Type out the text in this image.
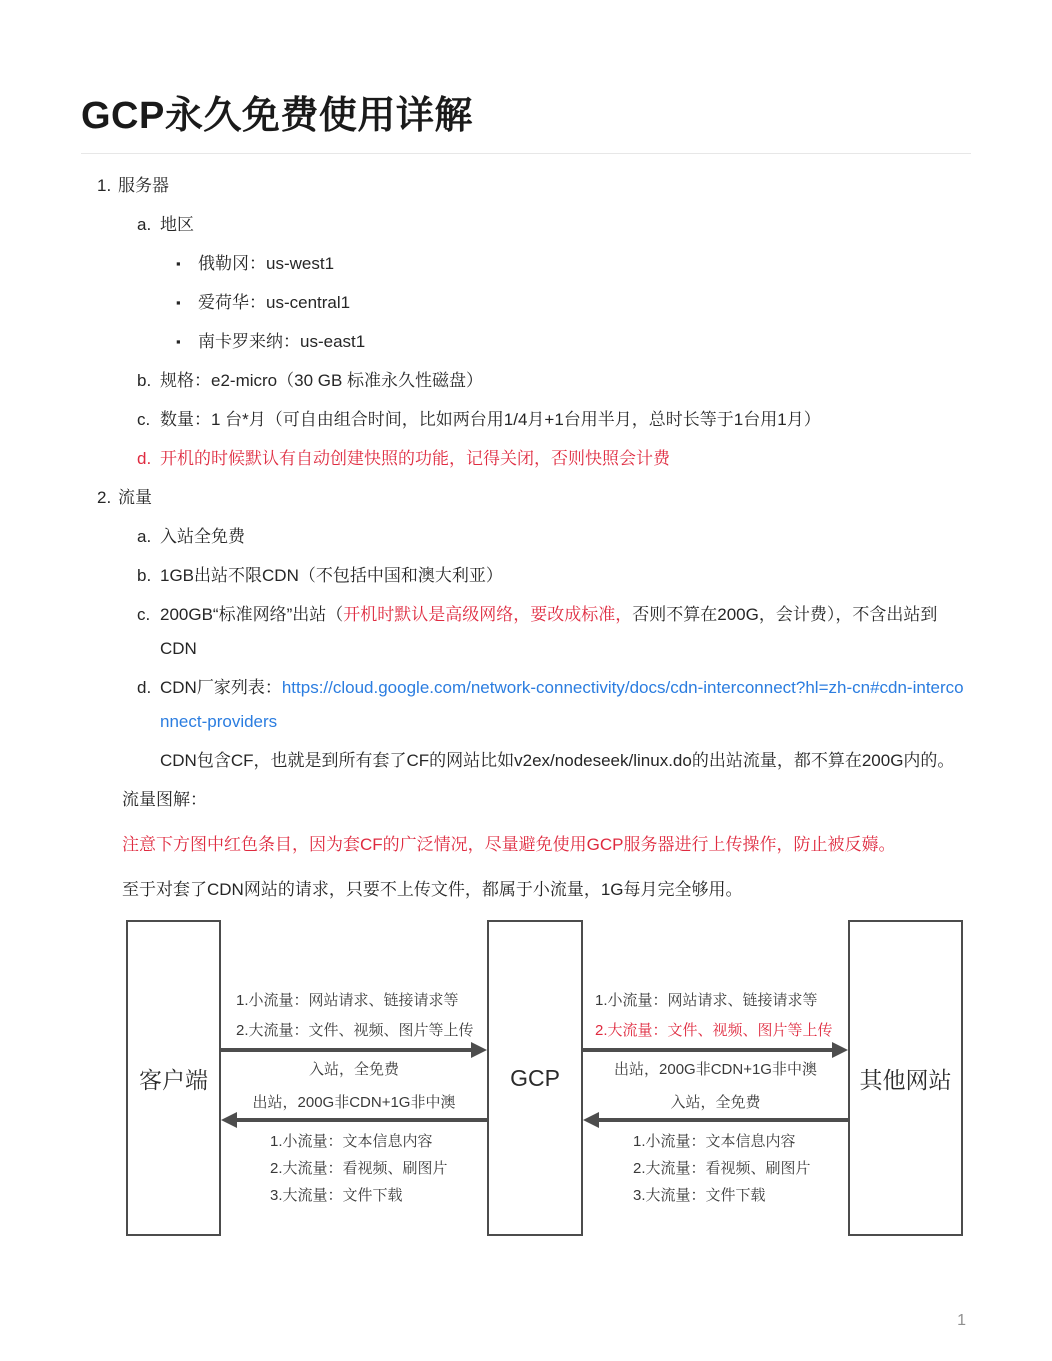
GCP永久免费使用详解
1. 服务器
a. 地区
▪	俄勒冈：us-west1
▪	爱荷华：us-central1
▪	南卡罗来纳：us-east1
b. 规格：e2-micro（30 GB 标准永久性磁盘）
c. 数量：1 台*月（可自由组合时间，比如两台用1/4月+1台用半月，总时长等于1台用1月）
d. 开机的时候默认有自动创建快照的功能，记得关闭，否则快照会计费
2. 流量
a. 入站全免费
b. 1GB出站不限CDN（不包括中国和澳大利亚）
c. 200GB“标准网络”出站（开机时默认是高级网络，要改成标准，否则不算在200G，会计费），不含出站到CDN
d. CDN厂家列表：https://cloud.google.com/network-connectivity/docs/cdn-interconnect?hl=zh-cn#cdn-interconnect-providers

CDN包含CF，也就是到所有套了CF的网站比如v2ex/nodeseek/linux.do的出站流量，都不算在200G内的。

流量图解：

注意下方图中红色条目，因为套CF的广泛情况，尽量避免使用GCP服务器进行上传操作，防止被反薅。

至于对套了CDN网站的请求，只要不上传文件，都属于小流量，1G每月完全够用。

客户端	GCP	其他网站
1.小流量：网站请求、链接请求等
2.大流量：文件、视频、图片等上传
入站，全免费
出站，200G非CDN+1G非中澳
1.小流量：文本信息内容
2.大流量：看视频、刷图片
3.大流量：文件下载
1.小流量：网站请求、链接请求等
2.大流量：文件、视频、图片等上传
出站，200G非CDN+1G非中澳
入站，全免费
1.小流量：文本信息内容
2.大流量：看视频、刷图片
3.大流量：文件下载
1
